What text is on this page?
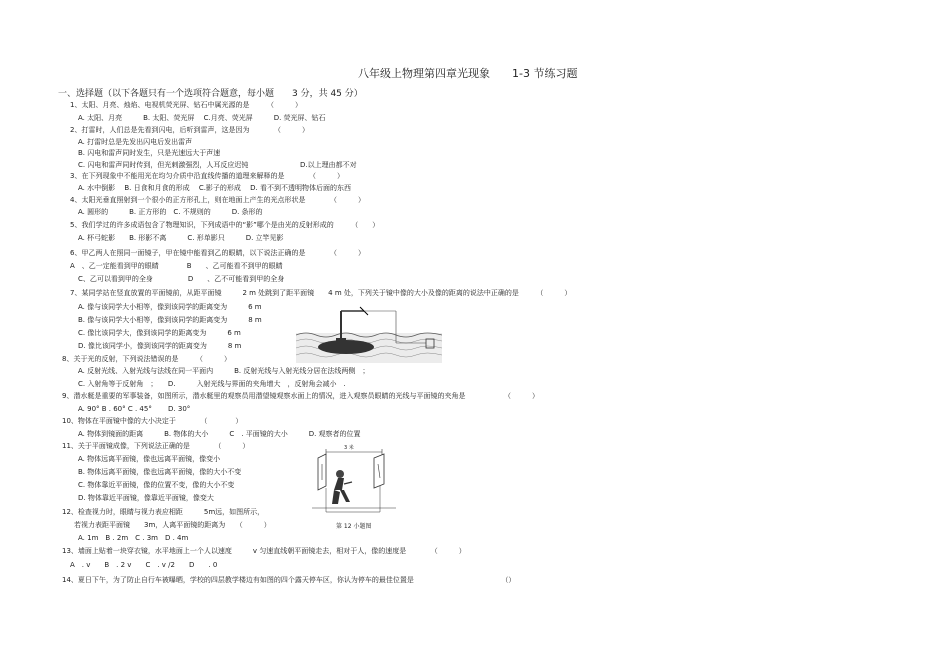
八年级上物理第四章光现象　　1-3 节练习题
一、选择题（以下各题只有一个选项符合题意，每小题　　3 分，共 45 分）
1、太阳、月亮、烛焰、电视机荧光屏、钻石中属光源的是　　　（　　　）
A. 太阳、月亮　　　B. 太阳、荧光屏　 C.月亮、荧光屏　　　D. 荧光屏、钻石
2、打雷时，人们总是先看到闪电，后听到雷声，这是因为　　　　（　　　）
A. 打雷时总是先发出闪电后发出雷声
B. 闪电和雷声同时发生，只是光速远大于声速
C. 闪电和雷声同时传到，但光刺激强烈，人耳反应迟钝	D.以上理由都不对
3、在下列现象中不能用光在均匀介质中沿直线传播的道理来解释的是　　　　（　　　）
A. 水中倒影　 B. 日食和月食的形成　 C.影子的形成　 D. 看不到不透明物体后面的东西
4、太阳光垂直照射到一个很小的正方形孔上，则在地面上产生的光点形状是　　　　（　　　）
A. 圆形的　　　B. 正方形的　C. 不规则的　　　D. 条形的
5、我们学过的许多成语包含了物理知识，下列成语中的“影”哪个是由光的反射形成的　　　（　　）
A. 杯弓蛇影　　B. 形影不离　　　C. 形单影只　　　D. 立竿见影
6、甲乙两人在照同一面镜子，甲在镜中能看到乙的眼睛，以下说法正确的是　　　　（　　　）
A　、乙一定能看到甲的眼睛　　　　B　　、乙可能看不到甲的眼睛
C、乙可以看到甲的全身　　　　　D　　、乙不可能看到甲的全身
7、某同学站在竖直放置的平面镜前，从距平面镜　　　2 m 处跳到了距平面镜　　4 m 处，下列关于镜中像的大小及像的距离的说法中正确的是　　　（　　　）
A. 像与该同学大小相等，像到该同学的距离变为　　　6 m
B. 像与该同学大小相等，像到该同学的距离变为　　　8 m
C. 像比该同学大，像到该同学的距离变为　　　6 m
D. 像比该同学小，像到该同学的距离变为　　　8 m
8、关于光的反射，下列说法错误的是　　　（　　　）
A. 反射光线、入射光线与法线在同一平面内　　　B. 反射光线与入射光线分居在法线两侧　；
C. 入射角等于反射角　；　　D.　　　入射光线与界面的夹角增大　，反射角会减小　.
9、潜水艇是重要的军事装备，如图所示，潜水艇里的观察员用潜望镜观察水面上的情况，进入观察员眼睛的光线与平面镜的夹角是　　　　　　（　　　）
A. 90° B . 60° C . 45°　　 D. 30°
10、物体在平面镜中像的大小决定于　　　　（　　　　）
A. 物体到镜面的距离　　　B. 物体的大小　　　C　. 平面镜的大小　　　D. 观察者的位置
11、关于平面镜成像，下列说法正确的是　　　　（　　　）
A. 物体远离平面镜，像也远离平面镜，像变小
B. 物体远离平面镜，像也远离平面镜，像的大小不变
C. 物体靠近平面镜，像的位置不变，像的大小不变
D. 物体靠近平面镜，像靠近平面镜，像变大
12、检查视力时，眼睛与视力表应相距　　　5m远，如图所示，
若视力表距平面镜　　3m，人离平面镜的距离为　　（　　　）
A. 1m　B . 2m　C . 3m　D . 4m
3 米
第 12 小题图
13、墙面上贴着一块穿衣镜，水平地面上一个人以速度　　　v 匀速直线朝平面镜走去，相对于人，像的速度是　　　　（　　　）
A　. v　　B　. 2 v　　C　. v /2　　D　　. 0
14、夏日下午，为了防止自行车被曝晒，学校的四层教学楼边有如图的四个露天停车区，你认为停车的最佳位置是　　　　　　　　　　　　　（）
